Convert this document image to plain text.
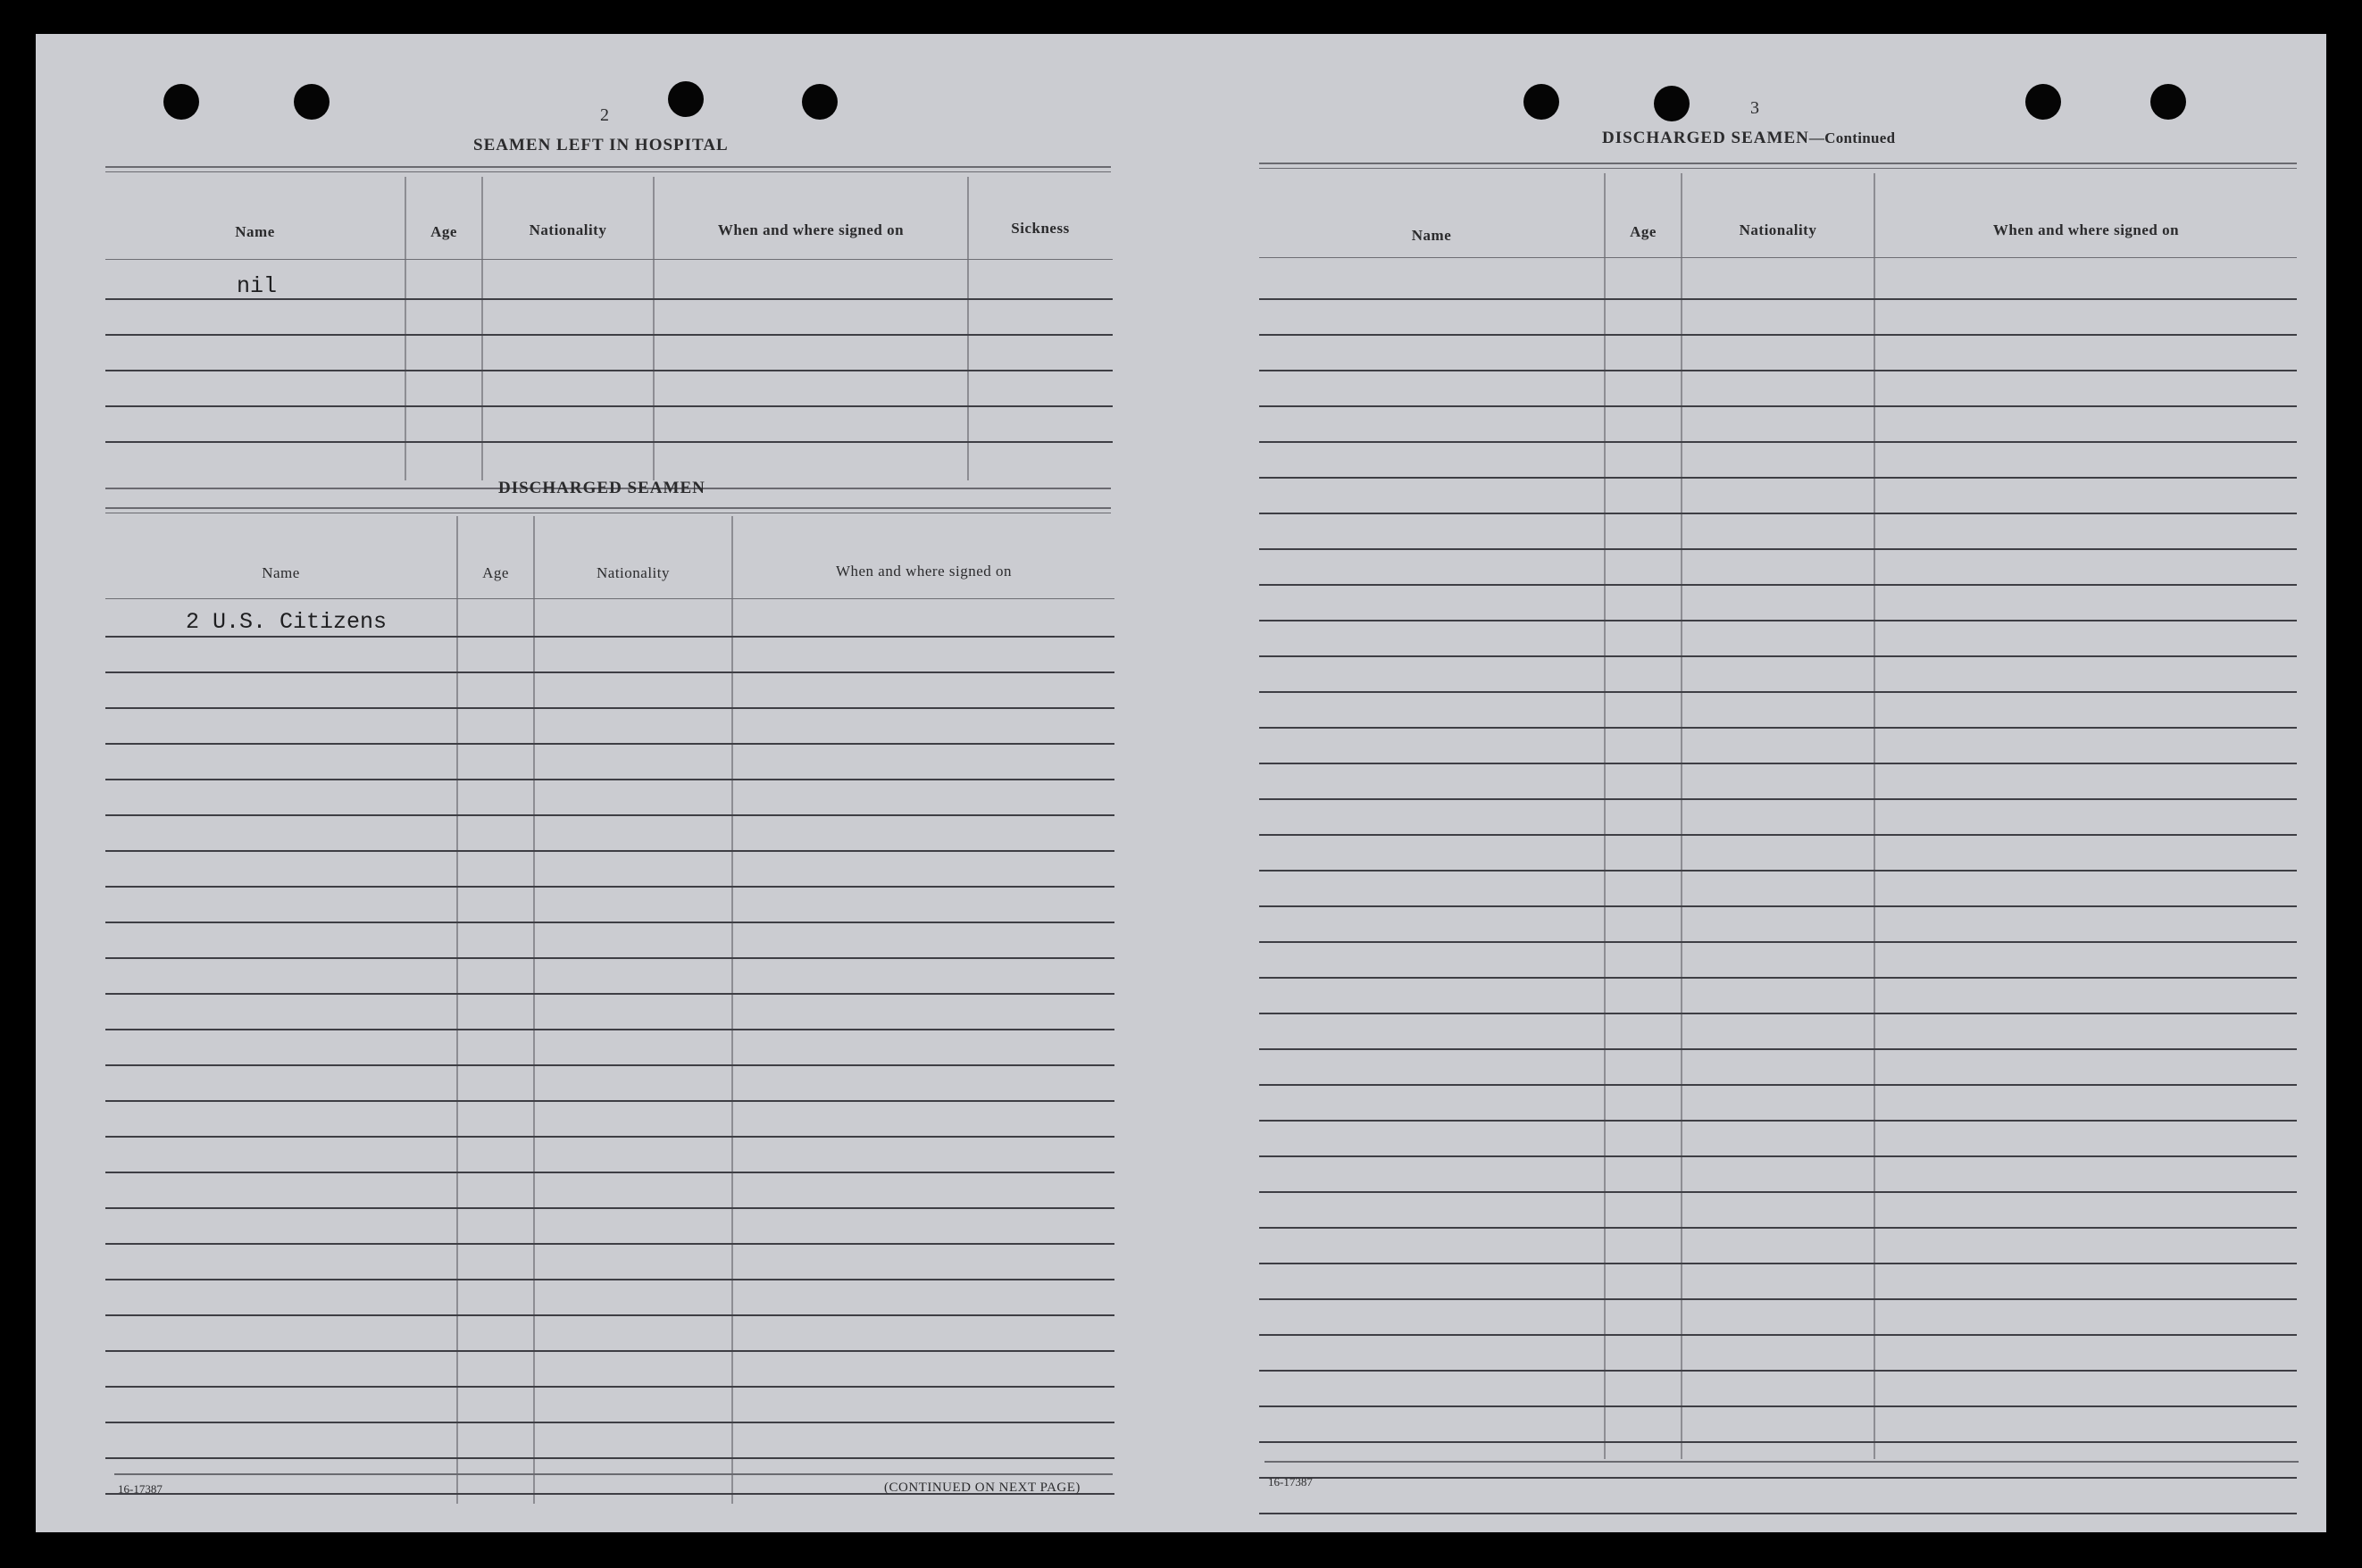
2
SEAMEN LEFT IN HOSPITAL
Name	Age	Nationality	When and where signed on	Sickness
nil
DISCHARGED SEAMEN
Name	Age	Nationality	When and where signed on
2 U.S. Citizens
16-17387	(CONTINUED ON NEXT PAGE)
3
DISCHARGED SEAMEN—Continued
Name	Age	Nationality	When and where signed on
16-17387
